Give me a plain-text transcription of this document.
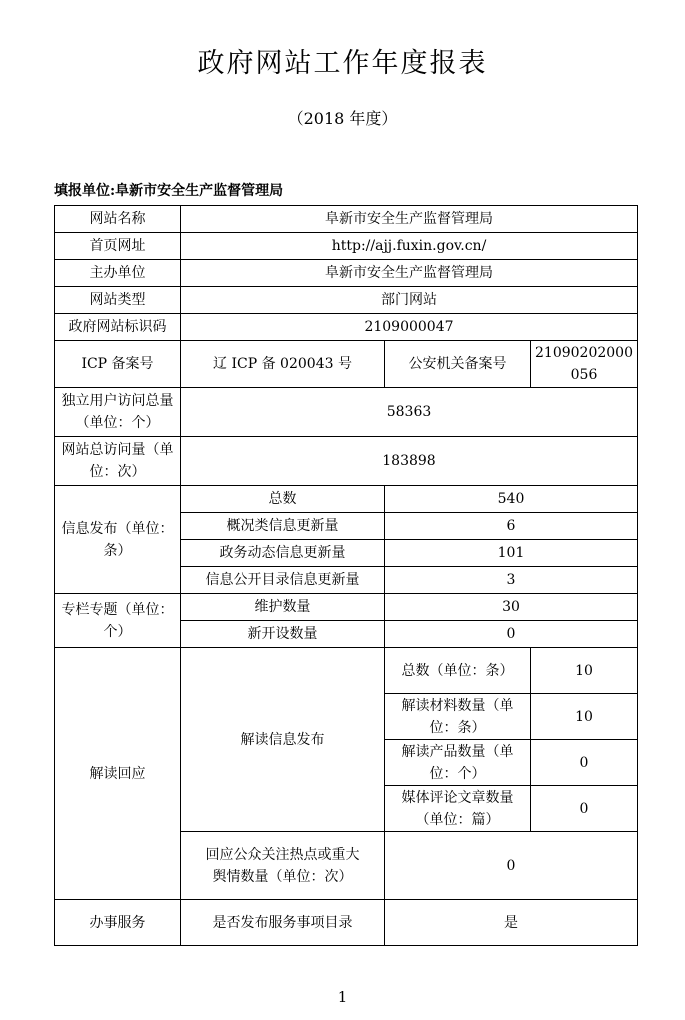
政府网站工作年度报表
（2018 年度）
填报单位:阜新市安全生产监督管理局
网站名称	阜新市安全生产监督管理局		
首页网址	http://ajj.fuxin.gov.cn/		
主办单位	阜新市安全生产监督管理局		
网站类型	部门网站		
政府网站标识码	2109000047		
ICP 备案号	辽 ICP 备 020043 号	公安机关备案号	21090202000056
独立用户访问总量（单位：个）	58363		
网站总访问量（单位：次）	183898		
信息发布（单位：条）	总数	540	
	概况类信息更新量	6	
	政务动态信息更新量	101	
	信息公开目录信息更新量	3	
专栏专题（单位：个）	维护数量	30	
	新开设数量	0	
解读回应	解读信息发布	总数（单位：条）	10
		解读材料数量（单位：条）	10
		解读产品数量（单位：个）	0
		媒体评论文章数量（单位：篇）	0
	回应公众关注热点或重大舆情数量（单位：次）	0	
办事服务	是否发布服务事项目录	是	
1
